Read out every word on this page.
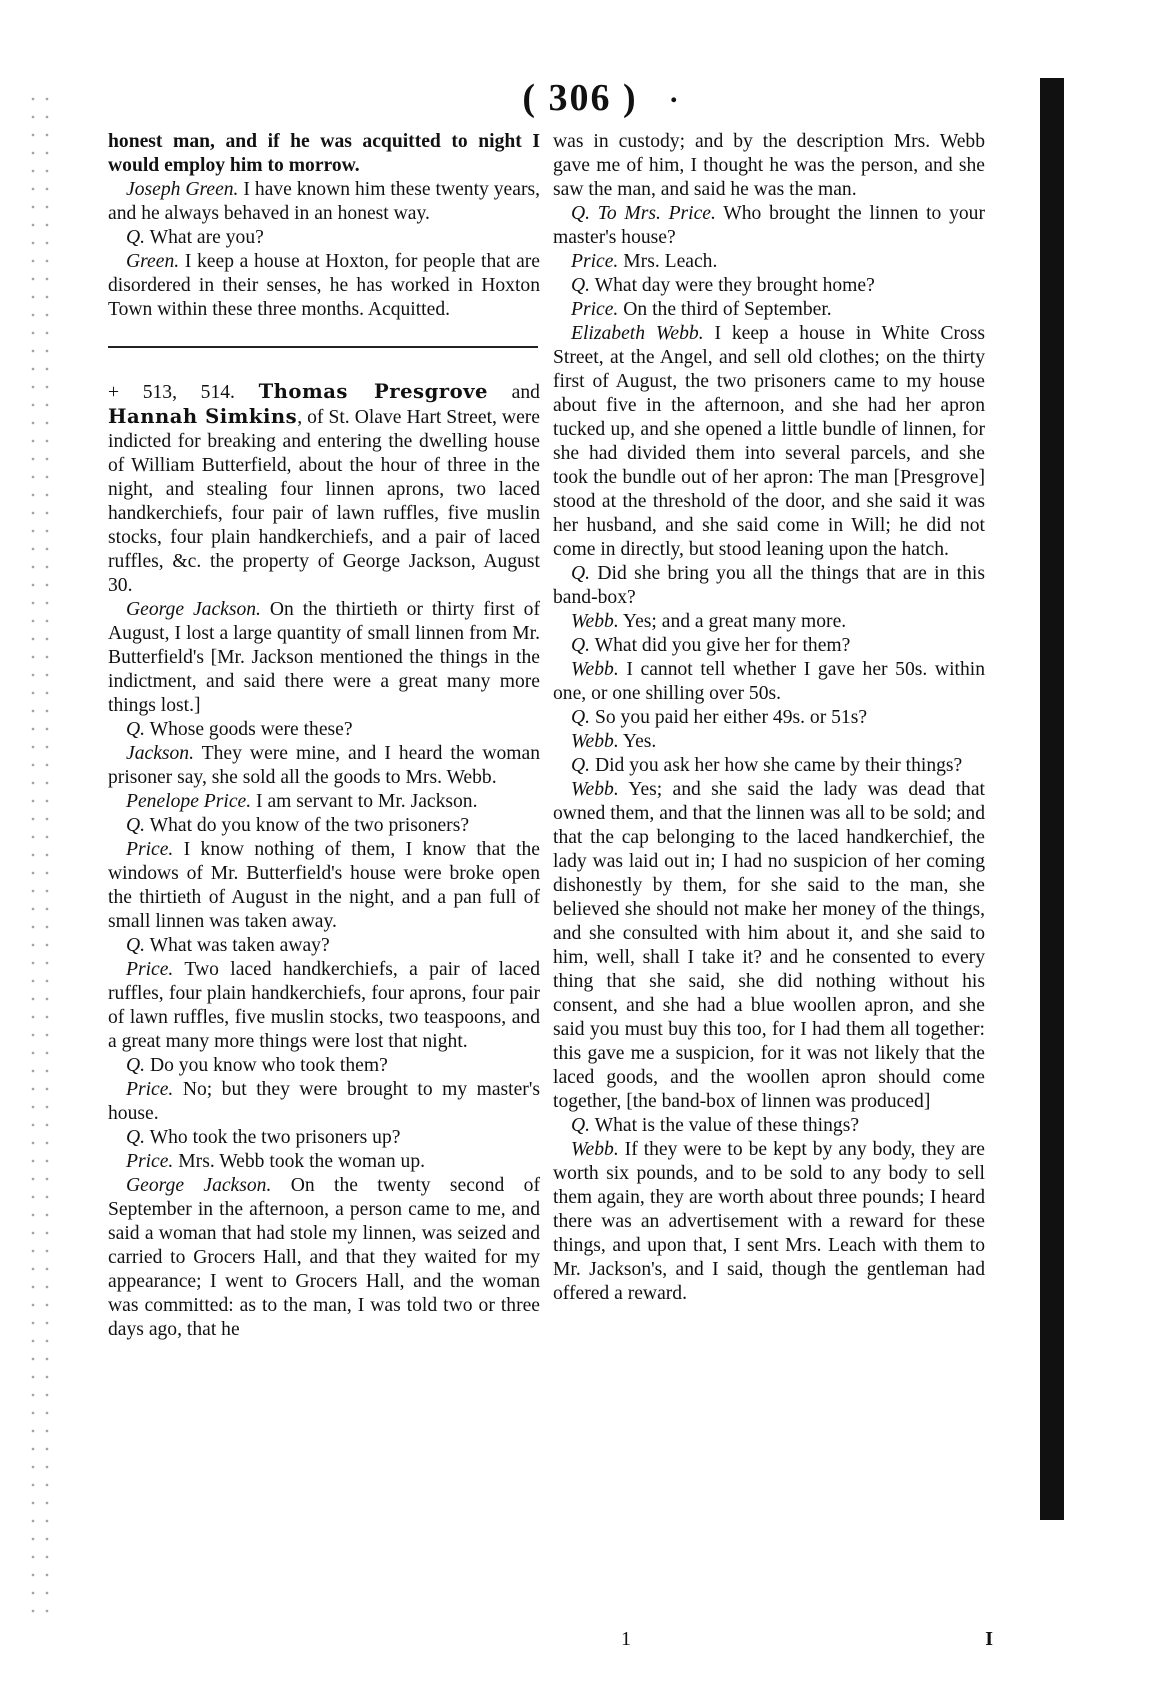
( 306 ) .

honest man, and if he was acquitted to night I would employ him to morrow.

Joseph Green. I have known him these twenty years, and he always behaved in an honest way.

Q. What are you?

Green. I keep a house at Hoxton, for people that are disordered in their senses, he has worked in Hoxton Town within these three months. Acquitted.

+ 513, 514. Thomas Presgrove and Hannah Simkins, of St. Olave Hart Street, were indicted for breaking and entering the dwelling house of William Butterfield, about the hour of three in the night, and stealing four linnen aprons, two laced handkerchiefs, four pair of lawn ruffles, five muslin stocks, four plain handkerchiefs, and a pair of laced ruffles, &c. the property of George Jackson, August 30.

George Jackson. On the thirtieth or thirty first of August, I lost a large quantity of small linnen from Mr. Butterfield's [Mr. Jackson mentioned the things in the indictment, and said there were a great many more things lost.]

Q. Whose goods were these?

Jackson. They were mine, and I heard the woman prisoner say, she sold all the goods to Mrs. Webb.

Penelope Price. I am servant to Mr. Jackson.

Q. What do you know of the two prisoners?

Price. I know nothing of them, I know that the windows of Mr. Butterfield's house were broke open the thirtieth of August in the night, and a pan full of small linnen was taken away.

Q. What was taken away?

Price. Two laced handkerchiefs, a pair of laced ruffles, four plain handkerchiefs, four aprons, four pair of lawn ruffles, five muslin stocks, two teaspoons, and a great many more things were lost that night.

Q. Do you know who took them?

Price. No; but they were brought to my master's house.

Q. Who took the two prisoners up?

Price. Mrs. Webb took the woman up.

George Jackson. On the twenty second of September in the afternoon, a person came to me, and said a woman that had stole my linnen, was seized and carried to Grocers Hall, and that they waited for my appearance; I went to Grocers Hall, and the woman was committed: as to the man, I was told two or three days ago, that he

was in custody; and by the description Mrs. Webb gave me of him, I thought he was the person, and she saw the man, and said he was the man.

Q. To Mrs. Price. Who brought the linnen to your master's house?

Price. Mrs. Leach.

Q. What day were they brought home?

Price. On the third of September.

Elizabeth Webb. I keep a house in White Cross Street, at the Angel, and sell old clothes; on the thirty first of August, the two prisoners came to my house about five in the afternoon, and she had her apron tucked up, and she opened a little bundle of linnen, for she had divided them into several parcels, and she took the bundle out of her apron: The man [Presgrove] stood at the threshold of the door, and she said it was her husband, and she said come in Will; he did not come in directly, but stood leaning upon the hatch.

Q. Did she bring you all the things that are in this band-box?

Webb. Yes; and a great many more.

Q. What did you give her for them?

Webb. I cannot tell whether I gave her 50s. within one, or one shilling over 50s.

Q. So you paid her either 49s. or 51s?

Webb. Yes.

Q. Did you ask her how she came by their things?

Webb. Yes; and she said the lady was dead that owned them, and that the linnen was all to be sold; and that the cap belonging to the laced handkerchief, the lady was laid out in; I had no suspicion of her coming dishonestly by them, for she said to the man, she believed she should not make her money of the things, and she consulted with him about it, and she said to him, well, shall I take it? and he consented to every thing that she said, she did nothing without his consent, and she had a blue woollen apron, and she said you must buy this too, for I had them all together: this gave me a suspicion, for it was not likely that the laced goods, and the woollen apron should come together, [the band-box of linnen was produced]

Q. What is the value of these things?

Webb. If they were to be kept by any body, they are worth six pounds, and to be sold to any body to sell them again, they are worth about three pounds; I heard there was an advertisement with a reward for these things, and upon that, I sent Mrs. Leach with them to Mr. Jackson's, and I said, though the gentleman had offered a reward.

1	I
